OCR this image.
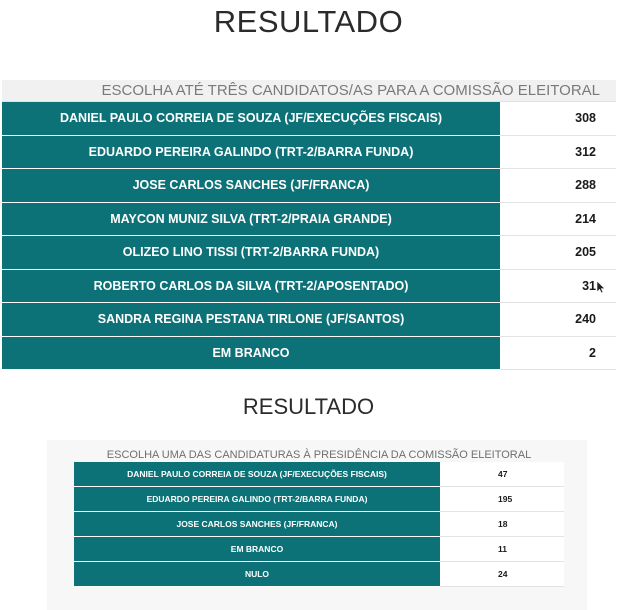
RESULTADO
ESCOLHA ATÉ TRÊS CANDIDATOS/AS PARA A COMISSÃO ELEITORAL
DANIEL PAULO CORREIA DE SOUZA (JF/EXECUÇÕES FISCAIS)	308
EDUARDO PEREIRA GALINDO (TRT-2/BARRA FUNDA)	312
JOSE CARLOS SANCHES (JF/FRANCA)	288
MAYCON MUNIZ SILVA (TRT-2/PRAIA GRANDE)	214
OLIZEO LINO TISSI (TRT-2/BARRA FUNDA)	205
ROBERTO CARLOS DA SILVA (TRT-2/APOSENTADO)	31
SANDRA REGINA PESTANA TIRLONE (JF/SANTOS)	240
EM BRANCO	2
RESULTADO
ESCOLHA UMA DAS CANDIDATURAS À PRESIDÊNCIA DA COMISSÃO ELEITORAL
DANIEL PAULO CORREIA DE SOUZA (JF/EXECUÇÕES FISCAIS)	47
EDUARDO PEREIRA GALINDO (TRT-2/BARRA FUNDA)	195
JOSE CARLOS SANCHES (JF/FRANCA)	18
EM BRANCO	11
NULO	24
